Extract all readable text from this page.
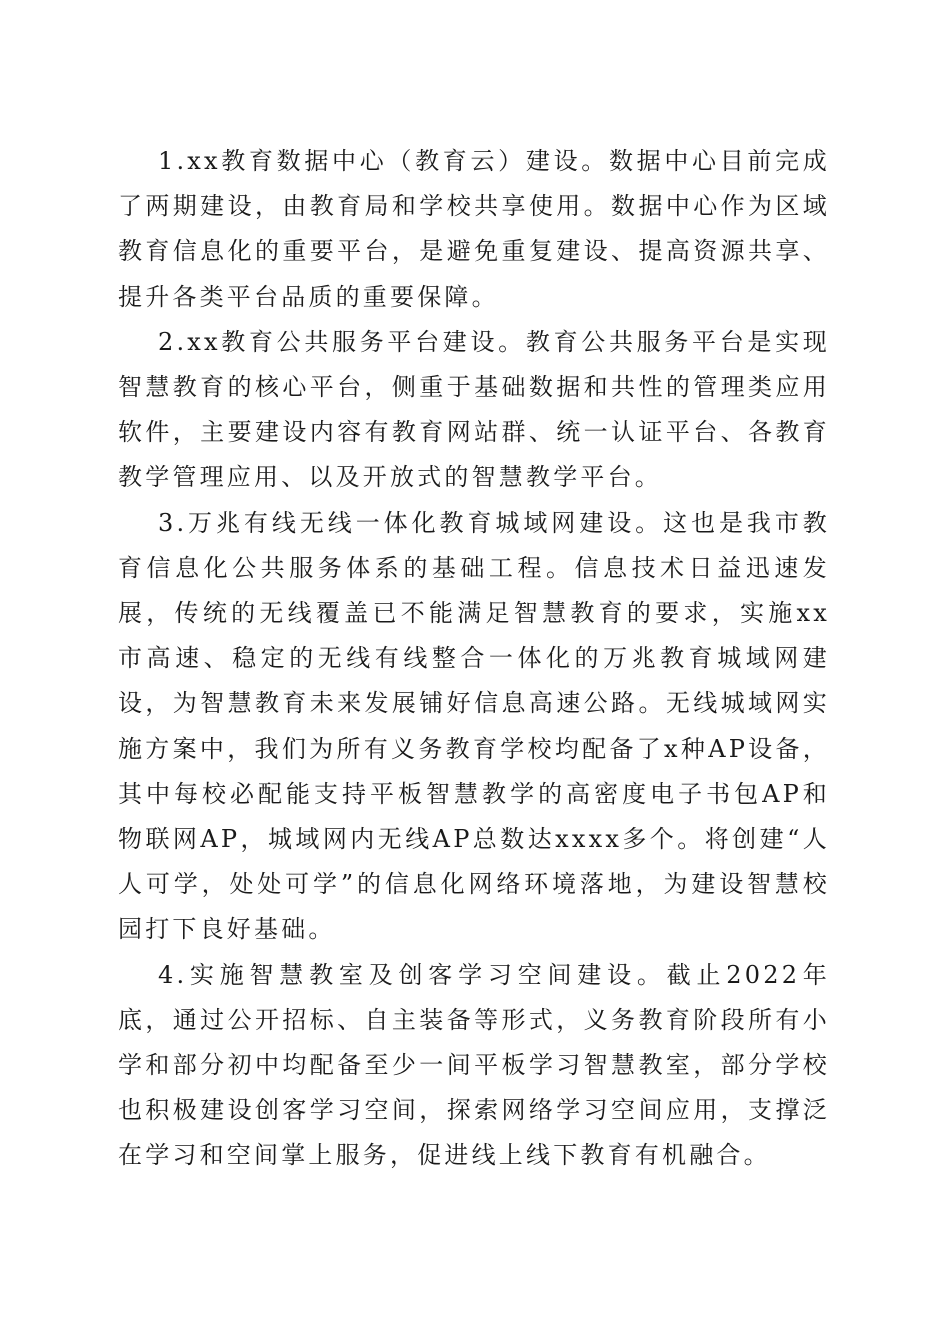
1.xx教育数据中心（教育云）建设。数据中心目前完成了两期建设，由教育局和学校共享使用。数据中心作为区域教育信息化的重要平台，是避免重复建设、提高资源共享、提升各类平台品质的重要保障。

2.xx教育公共服务平台建设。教育公共服务平台是实现智慧教育的核心平台，侧重于基础数据和共性的管理类应用软件，主要建设内容有教育网站群、统一认证平台、各教育教学管理应用、以及开放式的智慧教学平台。

3.万兆有线无线一体化教育城域网建设。这也是我市教育信息化公共服务体系的基础工程。信息技术日益迅速发展，传统的无线覆盖已不能满足智慧教育的要求，实施xx市高速、稳定的无线有线整合一体化的万兆教育城域网建设，为智慧教育未来发展铺好信息高速公路。无线城域网实施方案中，我们为所有义务教育学校均配备了x种AP设备，其中每校必配能支持平板智慧教学的高密度电子书包AP和物联网AP，城域网内无线AP总数达xxxx多个。将创建“人人可学，处处可学”的信息化网络环境落地，为建设智慧校园打下良好基础。

4.实施智慧教室及创客学习空间建设。截止2022年底，通过公开招标、自主装备等形式，义务教育阶段所有小学和部分初中均配备至少一间平板学习智慧教室，部分学校也积极建设创客学习空间，探索网络学习空间应用，支撑泛在学习和空间掌上服务，促进线上线下教育有机融合。
